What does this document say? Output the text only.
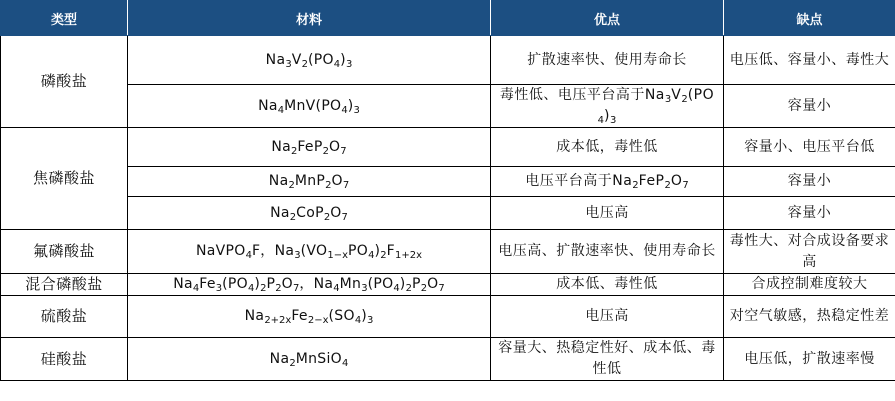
类型	材料	优点	缺点
磷酸盐	$Na_3V_2(PO_4)_3$	扩散速率快、使用寿命长	电压低、容量小、毒性大
	$Na_4MnV(PO_4)_3$	毒性低、电压平台高于$Na_3V_2(PO_4)_3$	容量小
焦磷酸盐	$Na_2FeP_2O_7$	成本低，毒性低	容量小、电压平台低
	$Na_2MnP_2O_7$	电压平台高于$Na_2FeP_2O_7$	容量小
	$Na_2CoP_2O_7$	电压高	容量小
氟磷酸盐	NaVPO$_4$F，$Na_3(VO_{1-x}PO_4)_2F_{1+2x}$	电压高、扩散速率快、使用寿命长	毒性大、对合成设备要求高
混合磷酸盐	$Na_4Fe_3(PO_4)_2P_2O_7$，$Na_4Mn_3(PO_4)_2P_2O_7$	成本低、毒性低	合成控制难度较大
硫酸盐	$Na_{2+2x}Fe_{2-x}(SO_4)_3$	电压高	对空气敏感，热稳定性差
硅酸盐	$Na_2MnSiO_4$	容量大、热稳定性好、成本低、毒性低	电压低，扩散速率慢
